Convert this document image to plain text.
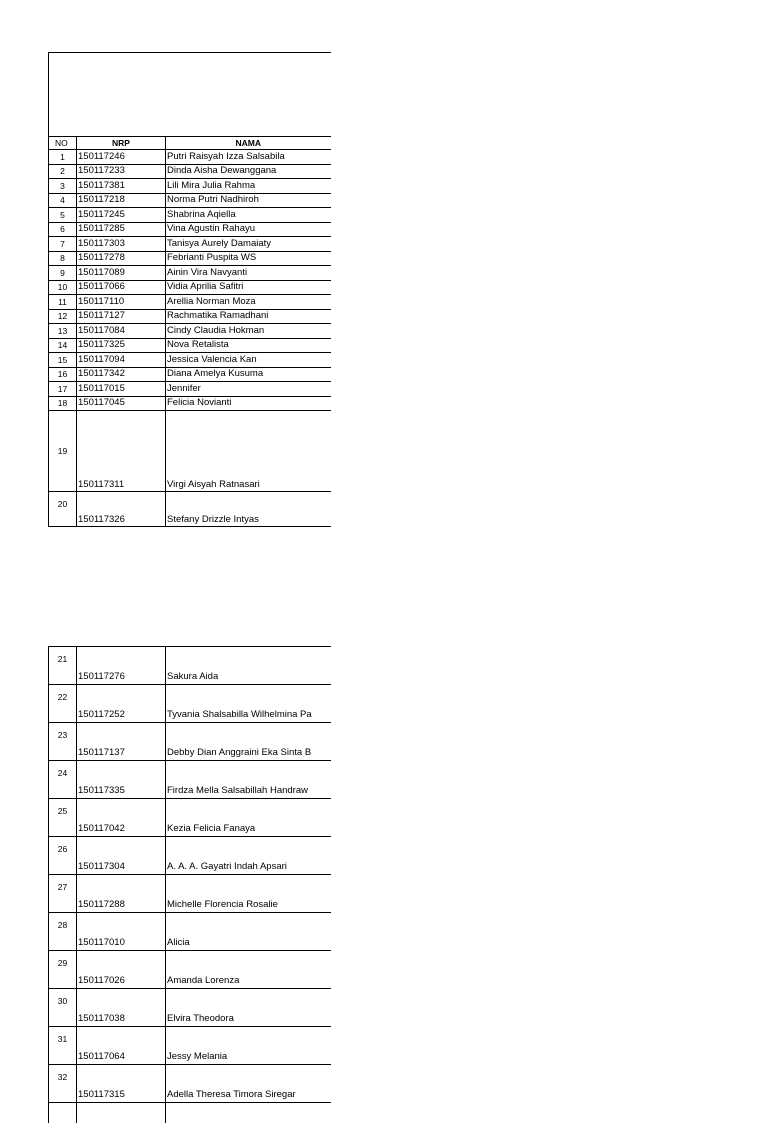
NO	NRP	NAMA
1	150117246	Putri Raisyah Izza Salsabila
2	150117233	Dinda Aisha Dewanggana
3	150117381	Lili Mira Julia Rahma
4	150117218	Norma Putri Nadhiroh
5	150117245	Shabrina Aqiella
6	150117285	Vina Agustin Rahayu
7	150117303	Tanisya Aurely Damaiaty
8	150117278	Febrianti Puspita WS
9	150117089	Ainin Vira Navyanti
10	150117066	Vidia Aprilia Safitri
11	150117110	Arellia Norman Moza
12	150117127	Rachmatika Ramadhani
13	150117084	Cindy Claudia Hokman
14	150117325	Nova Retalista
15	150117094	Jessica Valencia Kan
16	150117342	Diana Amelya Kusuma
17	150117015	Jennifer
18	150117045	Felicia Novianti
19	150117311	Virgi Aisyah Ratnasari
20	150117326	Stefany Drizzle Intyas
21	150117276	Sakura Aida
22	150117252	Tyvania Shalsabilla Wilhelmina Pa
23	150117137	Debby Dian Anggraini Eka Sinta B
24	150117335	Firdza Mella Salsabillah Handraw
25	150117042	Kezia Felicia Fanaya
26	150117304	A. A. A. Gayatri Indah Apsari
27	150117288	Michelle Florencia Rosalie
28	150117010	Alicia
29	150117026	Amanda Lorenza
30	150117038	Elvira Theodora
31	150117064	Jessy Melania
32	150117315	Adella Theresa Timora Siregar
